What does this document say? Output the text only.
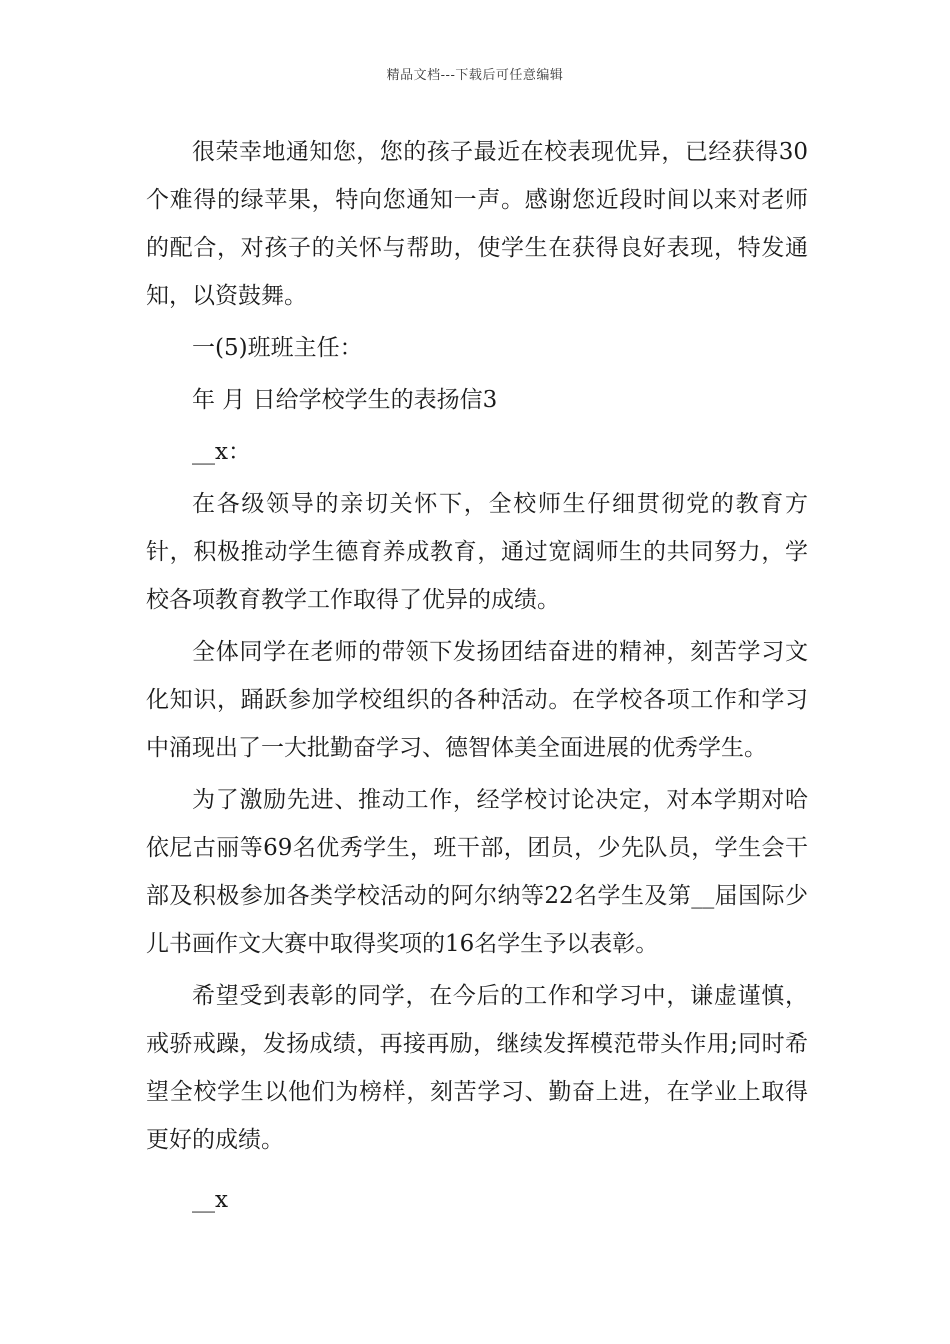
精品文档---下载后可任意编辑

很荣幸地通知您，您的孩子最近在校表现优异，已经获得30个难得的绿苹果，特向您通知一声。感谢您近段时间以来对老师的配合，对孩子的关怀与帮助，使学生在获得良好表现，特发通知，以资鼓舞。

一(5)班班主任：

年 月 日给学校学生的表扬信3

__x：

在各级领导的亲切关怀下，全校师生仔细贯彻党的教育方针，积极推动学生德育养成教育，通过宽阔师生的共同努力，学校各项教育教学工作取得了优异的成绩。

全体同学在老师的带领下发扬团结奋进的精神，刻苦学习文化知识，踊跃参加学校组织的各种活动。在学校各项工作和学习中涌现出了一大批勤奋学习、德智体美全面进展的优秀学生。

为了激励先进、推动工作，经学校讨论决定，对本学期对哈依尼古丽等69名优秀学生，班干部，团员，少先队员，学生会干部及积极参加各类学校活动的阿尔纳等22名学生及第__届国际少儿书画作文大赛中取得奖项的16名学生予以表彰。

希望受到表彰的同学，在今后的工作和学习中，谦虚谨慎，戒骄戒躁，发扬成绩，再接再励，继续发挥模范带头作用;同时希望全校学生以他们为榜样，刻苦学习、勤奋上进，在学业上取得更好的成绩。

__x
